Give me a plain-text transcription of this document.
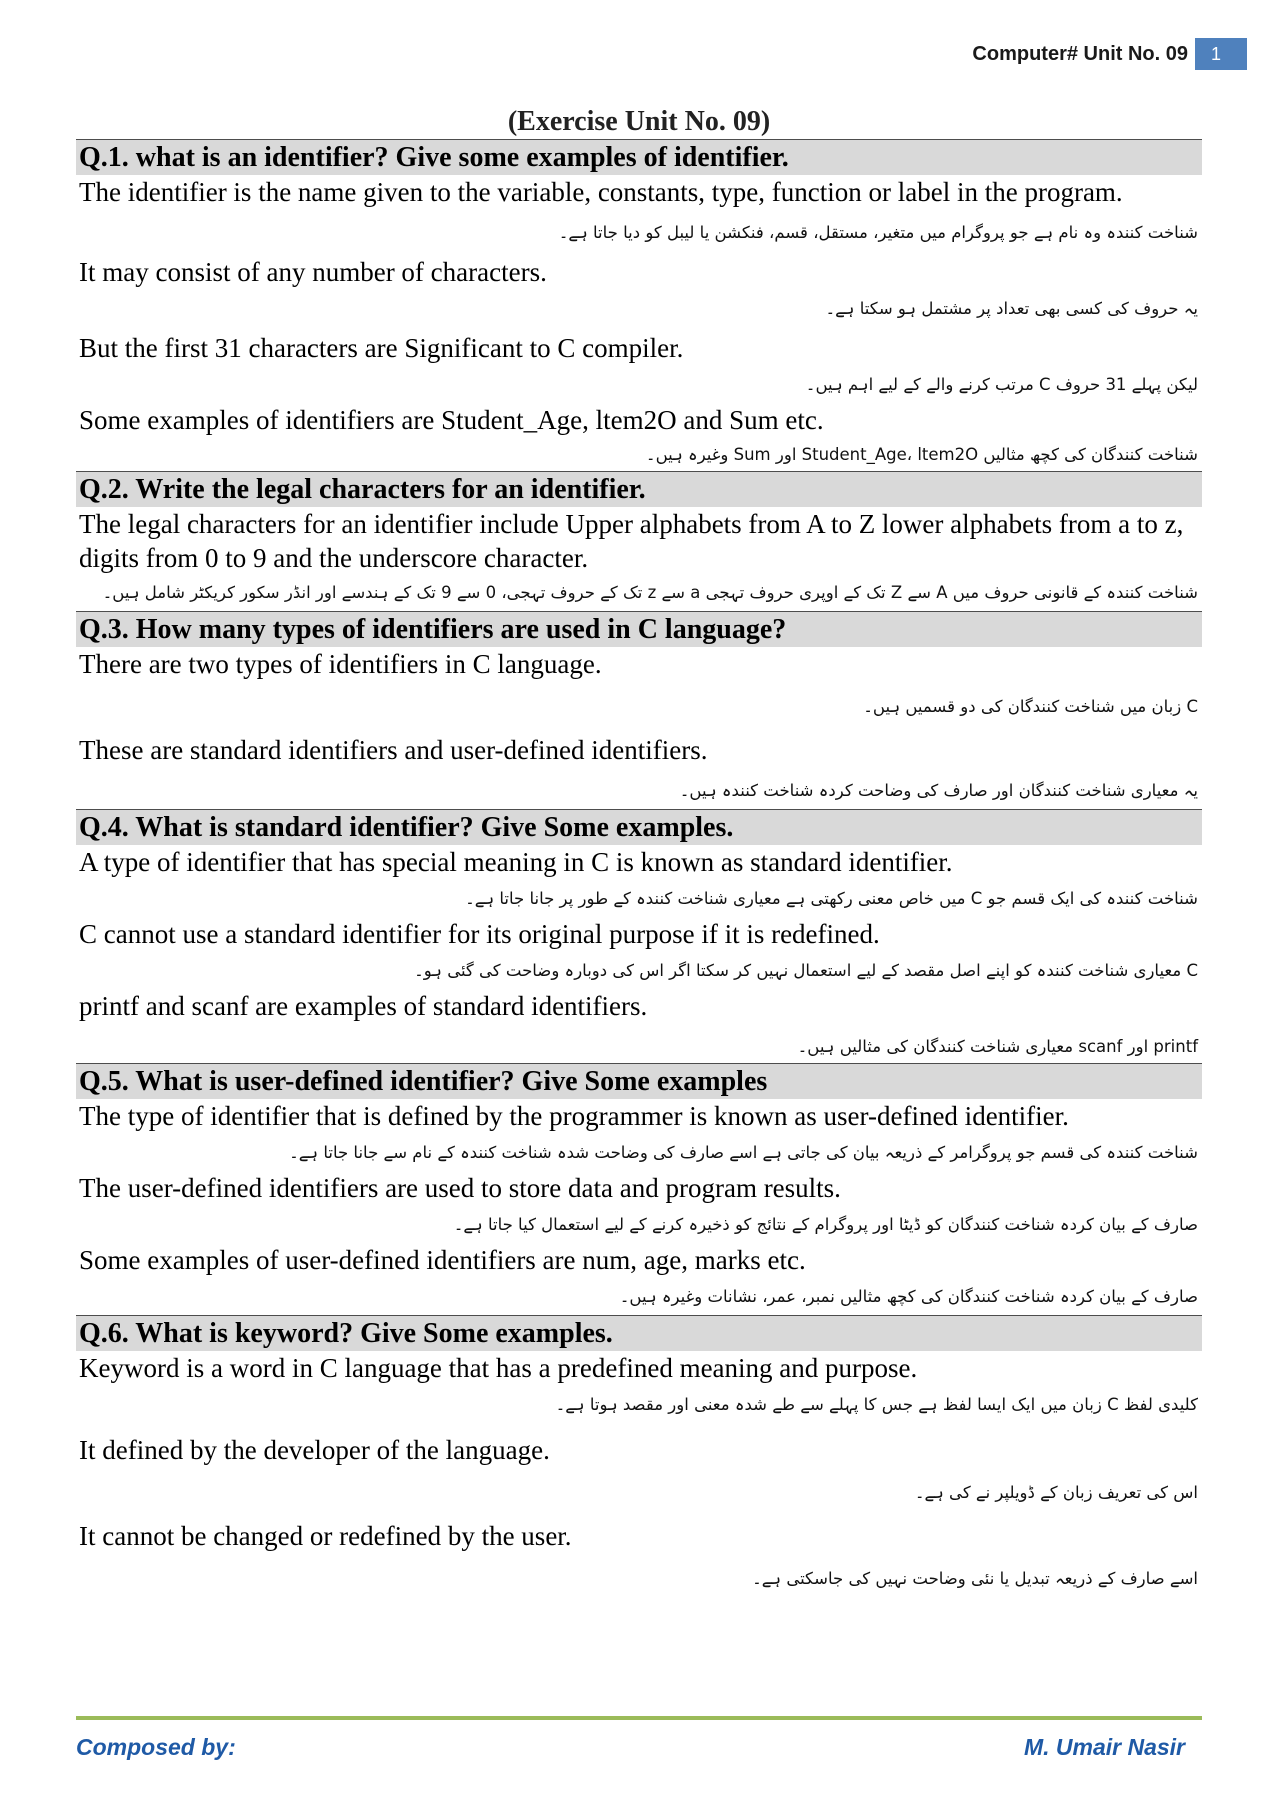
Computer# Unit No. 09	1

(Exercise Unit No. 09)

Q.1. what is an identifier? Give some examples of identifier.

The identifier is the name given to the variable, constants, type, function or label in the program.

شناخت کنندہ وہ نام ہے جو پروگرام میں متغیر، مستقل، قسم، فنکشن یا لیبل کو دیا جاتا ہے۔

It may consist of any number of characters.

یہ حروف کی کسی بھی تعداد پر مشتمل ہو سکتا ہے۔

But the first 31 characters are Significant to C compiler.

لیکن پہلے 31 حروف C مرتب کرنے والے کے لیے اہم ہیں۔

Some examples of identifiers are Student_Age, ltem2O and Sum etc.

شناخت کنندگان کی کچھ مثالیں Student_Age، ltem2O اور Sum وغیرہ ہیں۔

Q.2. Write the legal characters for an identifier.

The legal characters for an identifier include Upper alphabets from A to Z lower alphabets from a to z, digits from 0 to 9 and the underscore character.

شناخت کنندہ کے قانونی حروف میں A سے Z تک کے اوپری حروف تہجی a سے z تک کے حروف تہجی، 0 سے 9 تک کے ہندسے اور انڈر سکور کریکٹر شامل ہیں۔

Q.3. How many types of identifiers are used in C language?

There are two types of identifiers in C language.

C زبان میں شناخت کنندگان کی دو قسمیں ہیں۔

These are standard identifiers and user-defined identifiers.

یہ معیاری شناخت کنندگان اور صارف کی وضاحت کردہ شناخت کنندہ ہیں۔

Q.4. What is standard identifier? Give Some examples.

A type of identifier that has special meaning in C is known as standard identifier.

شناخت کنندہ کی ایک قسم جو C میں خاص معنی رکھتی ہے معیاری شناخت کنندہ کے طور پر جانا جاتا ہے۔

C cannot use a standard identifier for its original purpose if it is redefined.

C معیاری شناخت کنندہ کو اپنے اصل مقصد کے لیے استعمال نہیں کر سکتا اگر اس کی دوبارہ وضاحت کی گئی ہو۔

printf and scanf are examples of standard identifiers.

printf اور scanf معیاری شناخت کنندگان کی مثالیں ہیں۔

Q.5. What is user-defined identifier? Give Some examples

The type of identifier that is defined by the programmer is known as user-defined identifier.

شناخت کنندہ کی قسم جو پروگرامر کے ذریعہ بیان کی جاتی ہے اسے صارف کی وضاحت شدہ شناخت کنندہ کے نام سے جانا جاتا ہے۔

The user-defined identifiers are used to store data and program results.

صارف کے بیان کردہ شناخت کنندگان کو ڈیٹا اور پروگرام کے نتائج کو ذخیرہ کرنے کے لیے استعمال کیا جاتا ہے۔

Some examples of user-defined identifiers are num, age, marks etc.

صارف کے بیان کردہ شناخت کنندگان کی کچھ مثالیں نمبر، عمر، نشانات وغیرہ ہیں۔

Q.6. What is keyword? Give Some examples.

Keyword is a word in C language that has a predefined meaning and purpose.

کلیدی لفظ C زبان میں ایک ایسا لفظ ہے جس کا پہلے سے طے شدہ معنی اور مقصد ہوتا ہے۔

It defined by the developer of the language.

اس کی تعریف زبان کے ڈویلپر نے کی ہے۔

It cannot be changed or redefined by the user.

اسے صارف کے ذریعہ تبدیل یا نئی وضاحت نہیں کی جاسکتی ہے۔

Composed by:	M. Umair Nasir
